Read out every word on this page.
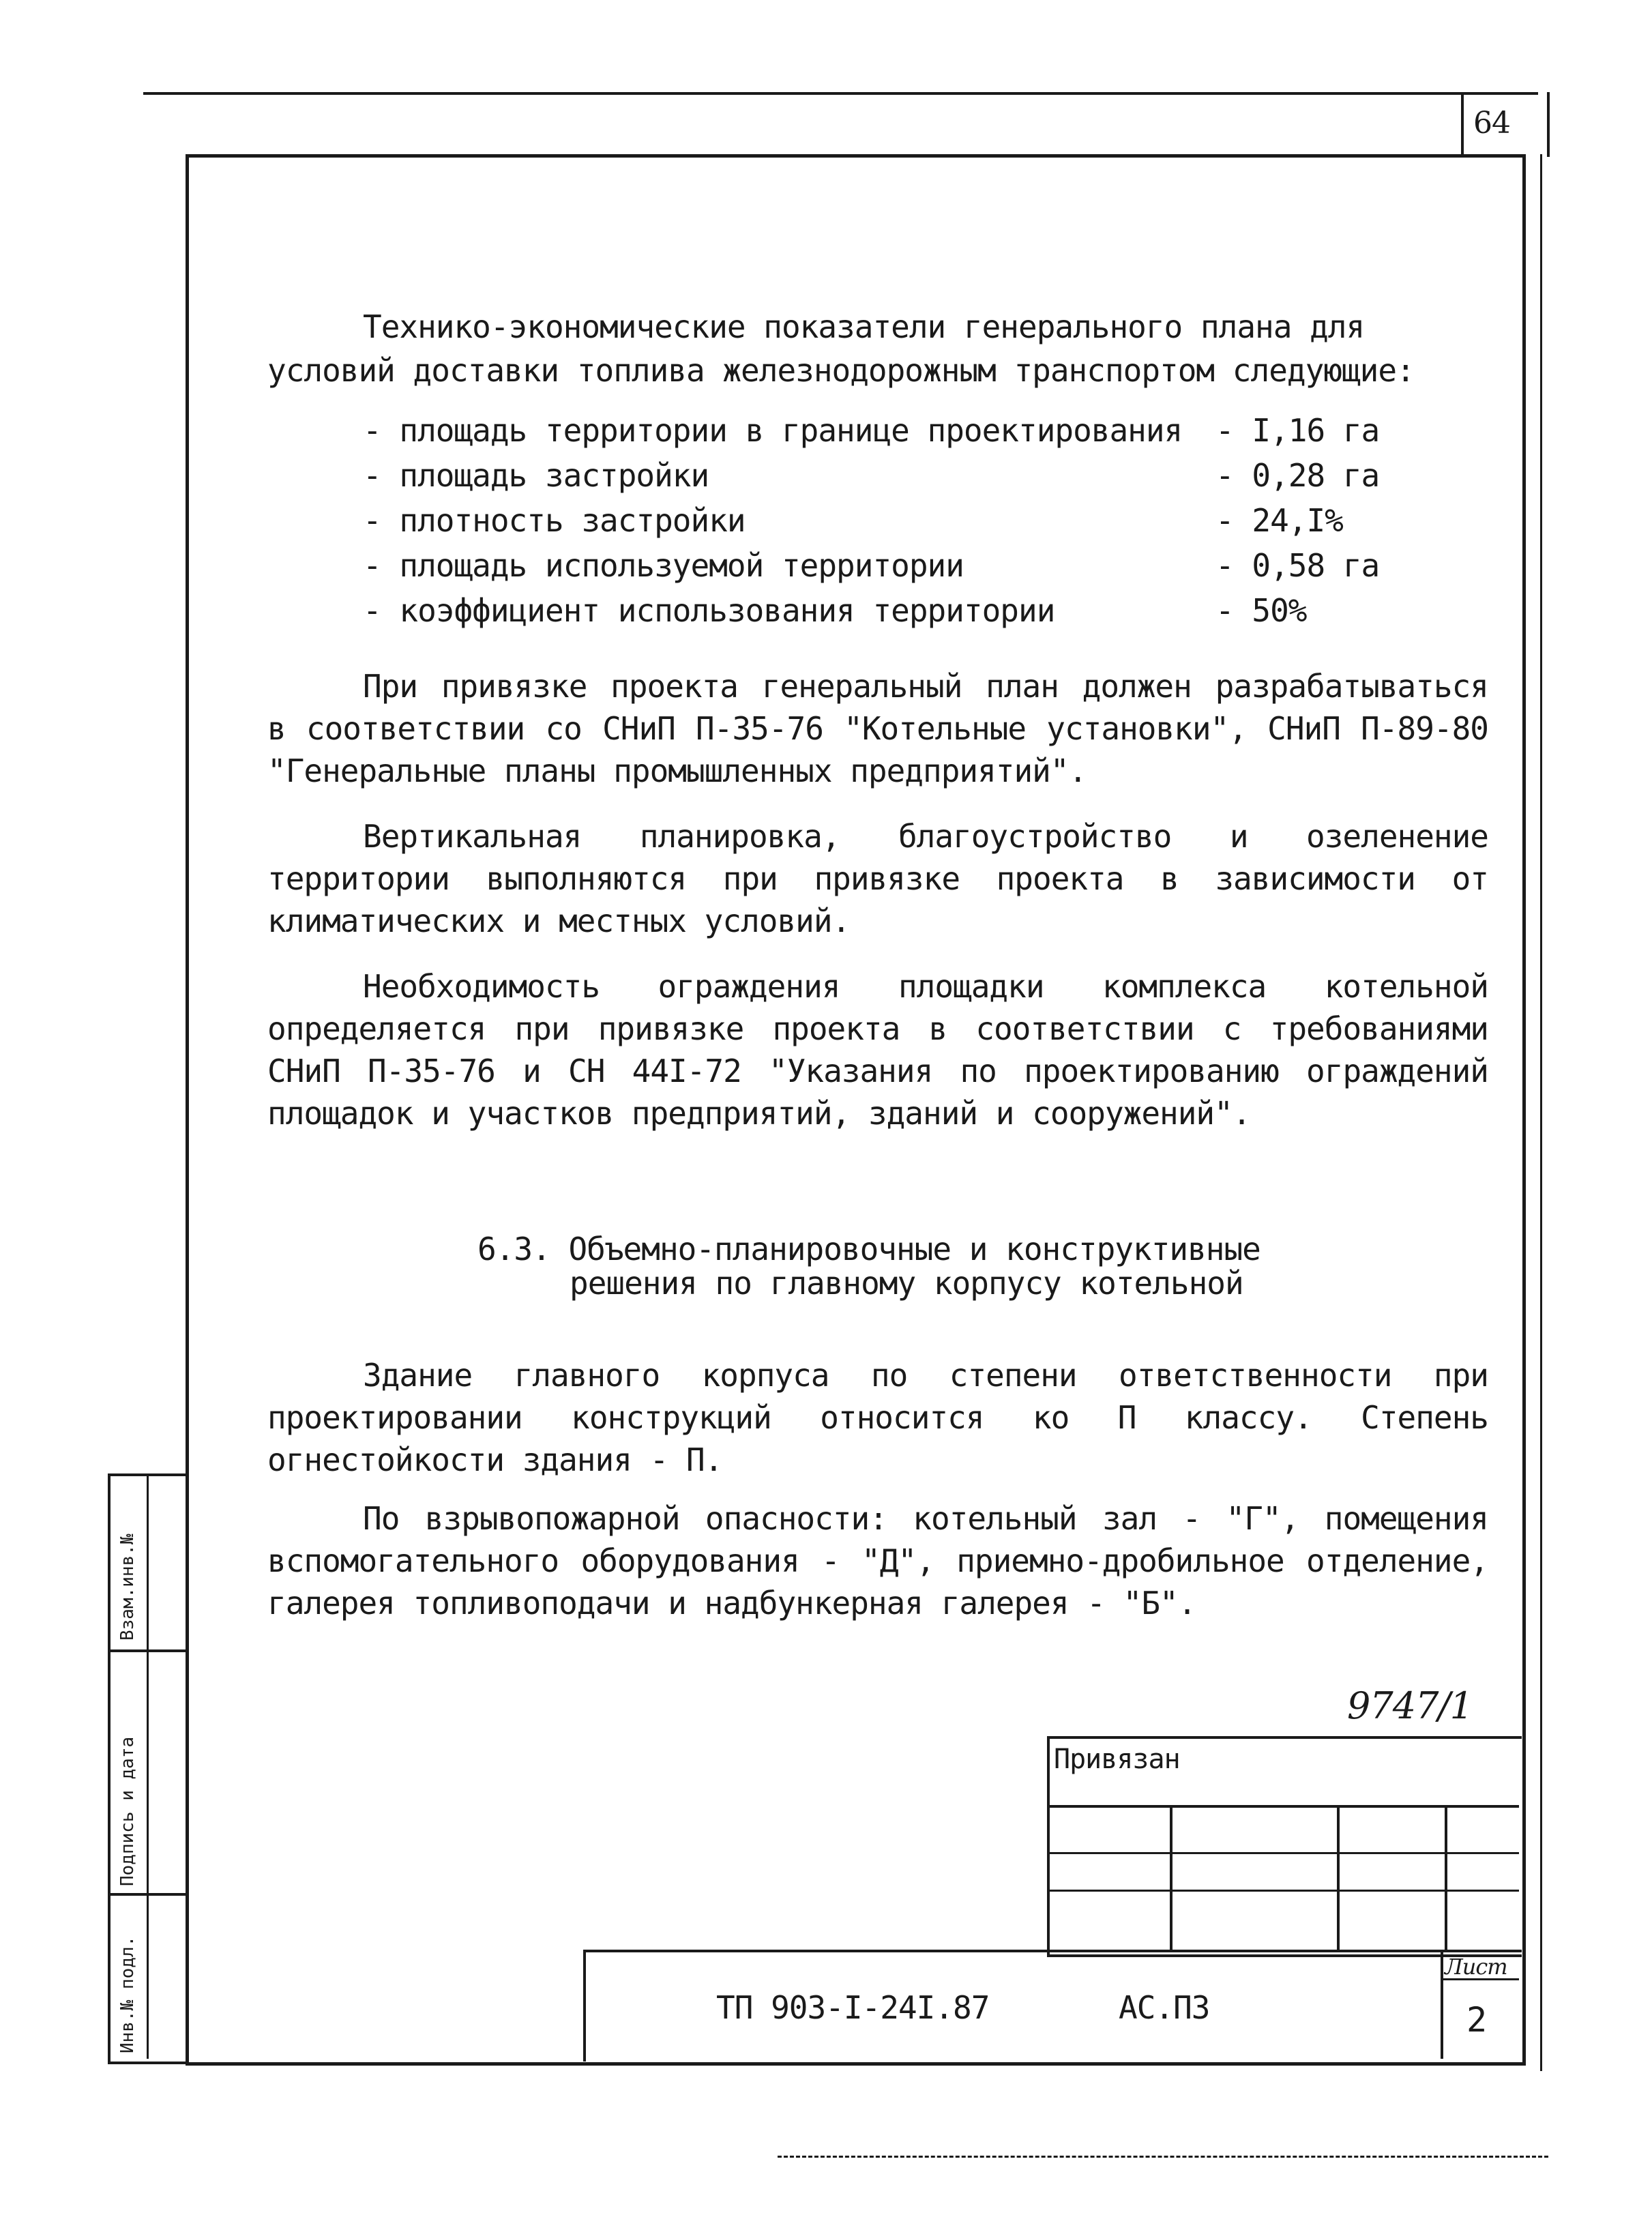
64
Технико-экономические показатели генерального плана для
условий доставки топлива железнодорожным транспортом следующие:
- площадь территории в границе проектирования - I,16 га
- площадь застройки	- 0,28 га
- плотность застройки	- 24,I%
- площадь используемой территории	- 0,58 га
- коэффициент использования территории	- 50%
При привязке проекта генеральный план должен разрабатываться в соответствии со СНиП П-35-76 "Котельные установки", СНиП П-89-80 "Генеральные планы промышленных предприятий".
Вертикальная планировка, благоустройство и озеленение территории выполняются при привязке проекта в зависимости от климатических и местных условий.
Необходимость ограждения площадки комплекса котельной определяется при привязке проекта в соответствии с требованиями СНиП П-35-76 и СН 44I-72 "Указания по проектированию ограждений площадок и участков предприятий, зданий и сооружений".
6.3. Объемно-планировочные и конструктивные
решения по главному корпусу котельной
Здание главного корпуса по степени ответственности при проектировании конструкций относится ко П классу. Степень огнестойкости здания - П.
По взрывопожарной опасности: котельный зал - "Г", помещения вспомогательного оборудования - "Д", приемно-дробильное отделение, галерея топливоподачи и надбункерная галерея - "Б".
9747/1
Привязан
ТП 903-I-24I.87	АС.ПЗ
Лист
2
Взам.инв.№
Подпись и дата
Инв.№ подл.
